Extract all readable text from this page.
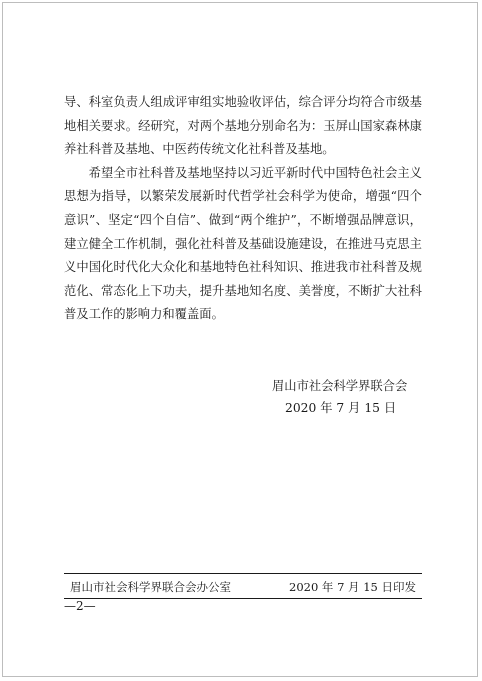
导、科室负责人组成评审组实地验收评估，综合评分均符合市级基地相关要求。经研究，对两个基地分别命名为：玉屏山国家森林康养社科普及基地、中医药传统文化社科普及基地。

希望全市社科普及基地坚持以习近平新时代中国特色社会主义思想为指导，以繁荣发展新时代哲学社会科学为使命，增强“四个意识”、坚定“四个自信”、做到“两个维护”，不断增强品牌意识，建立健全工作机制，强化社科普及基础设施建设，在推进马克思主义中国化时代化大众化和基地特色社科知识、推进我市社科普及规范化、常态化上下功夫，提升基地知名度、美誉度，不断扩大社科普及工作的影响力和覆盖面。

眉山市社会科学界联合会
2020 年 7 月 15 日
眉山市社会科学界联合会办公室	2020 年 7 月 15 日印发
—2—
